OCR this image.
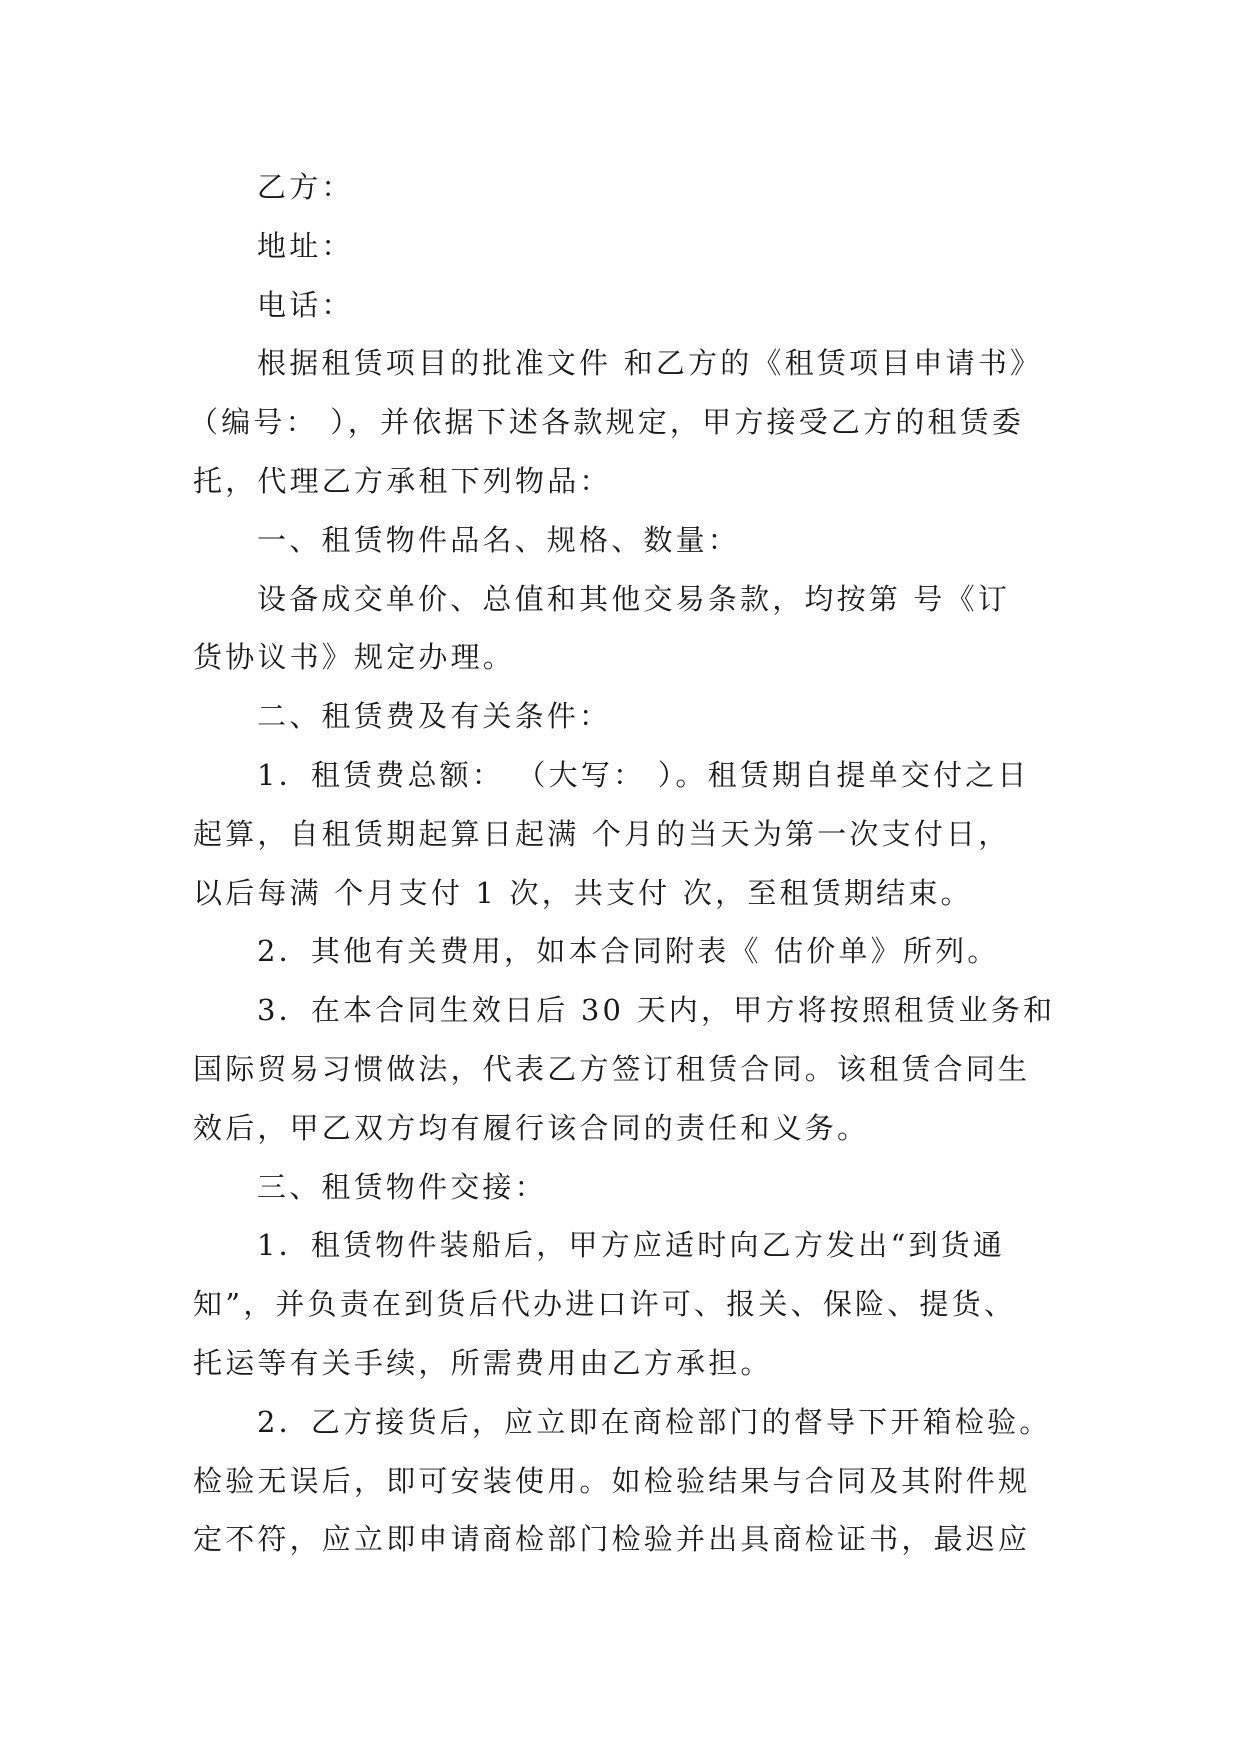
乙方：
地址：
电话：
根据租赁项目的批准文件 和乙方的《租赁项目申请书》
（编号： ），并依据下述各款规定，甲方接受乙方的租赁委
托，代理乙方承租下列物品：
一、租赁物件品名、规格、数量：
设备成交单价、总值和其他交易条款，均按第 号《订
货协议书》规定办理。
二、租赁费及有关条件：
1．租赁费总额： （大写： ）。租赁期自提单交付之日
起算，自租赁期起算日起满 个月的当天为第一次支付日，
以后每满 个月支付 1 次，共支付 次，至租赁期结束。
2．其他有关费用，如本合同附表《 估价单》所列。
3．在本合同生效日后 30 天内，甲方将按照租赁业务和
国际贸易习惯做法，代表乙方签订租赁合同。该租赁合同生
效后，甲乙双方均有履行该合同的责任和义务。
三、租赁物件交接：
1．租赁物件装船后，甲方应适时向乙方发出“到货通
知”，并负责在到货后代办进口许可、报关、保险、提货、
托运等有关手续，所需费用由乙方承担。
2．乙方接货后，应立即在商检部门的督导下开箱检验。
检验无误后，即可安装使用。如检验结果与合同及其附件规
定不符，应立即申请商检部门检验并出具商检证书，最迟应
